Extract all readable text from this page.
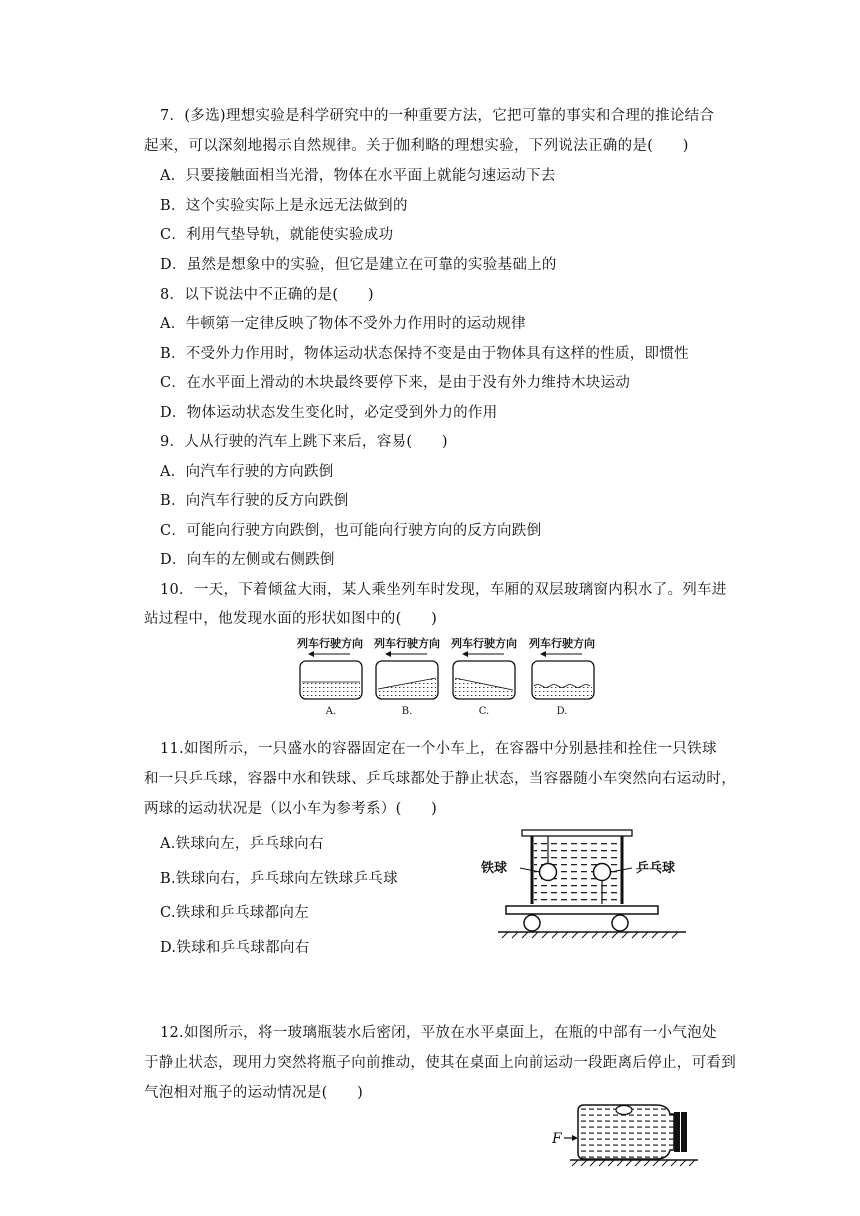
7．(多选)理想实验是科学研究中的一种重要方法，它把可靠的事实和合理的推论结合
起来，可以深刻地揭示自然规律。关于伽利略的理想实验，下列说法正确的是(　　)
A．只要接触面相当光滑，物体在水平面上就能匀速运动下去
B．这个实验实际上是永远无法做到的
C．利用气垫导轨，就能使实验成功
D．虽然是想象中的实验，但它是建立在可靠的实验基础上的
8．以下说法中不正确的是(　　)
A．牛顿第一定律反映了物体不受外力作用时的运动规律
B．不受外力作用时，物体运动状态保持不变是由于物体具有这样的性质，即惯性
C．在水平面上滑动的木块最终要停下来，是由于没有外力维持木块运动
D．物体运动状态发生变化时，必定受到外力的作用
9．人从行驶的汽车上跳下来后，容易(　　)
A．向汽车行驶的方向跌倒
B．向汽车行驶的反方向跌倒
C．可能向行驶方向跌倒，也可能向行驶方向的反方向跌倒
D．向车的左侧或右侧跌倒
10．一天，下着倾盆大雨，某人乘坐列车时发现，车厢的双层玻璃窗内积水了。列车进
站过程中，他发现水面的形状如图中的(　　)
列车行驶方向
A.
列车行驶方向
B.
列车行驶方向
C.
列车行驶方向
D.
11.如图所示，一只盛水的容器固定在一个小车上，在容器中分别悬挂和拴住一只铁球
和一只乒乓球，容器中水和铁球、乒乓球都处于静止状态，当容器随小车突然向右运动时，
两球的运动状况是（以小车为参考系）(　　)
A.铁球向左，乒乓球向右
B.铁球向右，乒乓球向左铁球乒乓球
C.铁球和乒乓球都向左
D.铁球和乒乓球都向右
铁球	乒乓球
12.如图所示，将一玻璃瓶装水后密闭，平放在水平桌面上，在瓶的中部有一小气泡处
于静止状态，现用力突然将瓶子向前推动，使其在桌面上向前运动一段距离后停止，可看到
气泡相对瓶子的运动情况是(　　)
F
